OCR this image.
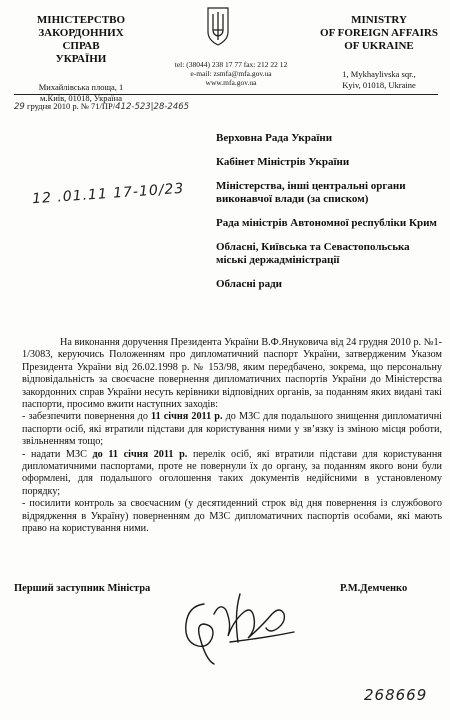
МІНІСТЕРСТВО
ЗАКОРДОННИХ СПРАВ
УКРАЇНИ
Михайлівська площа, 1
м.Київ, 01018, Україна
MINISTRY
OF FOREIGN AFFAIRS
OF UKRAINE
1, Mykhaylivska sqr.,
Kyiv, 01018, Ukraine
tel: (38044) 238 17 77 fax: 212 22 12
e-mail: zsmfa@mfa.gov.ua
www.mfa.gov.ua
29 грудня 2010 р. № 71/ПР/412-523|28-2465
Верховна Рада України
Кабінет Міністрів України
Міністерства, інші центральні органи виконавчої влади (за списком)
Рада міністрів Автономної республіки Крим
Обласні, Київська та Севастопольська міські держадміністрації
Обласні ради
12 .01.11 17-10/23

На виконання доручення Президента України В.Ф.Януковича від 24 грудня 2010 р. №1-1/3083, керуючись Положенням про дипломатичний паспорт України, затвердженим Указом Президента України від 26.02.1998 р. № 153/98, яким передбачено, зокрема, що персональну відповідальність за своєчасне повернення дипломатичних паспортів України до Міністерства закордонних справ України несуть керівники відповідних органів, за поданням яких видані такі паспорти, просимо вжити наступних заходів:

- забезпечити повернення до 11 січня 2011 р. до МЗС для подальшого знищення дипломатичні паспорти осіб, які втратили підстави для користування ними у зв’язку із зміною місця роботи, звільненням тощо;

- надати МЗС до 11 січня 2011 р. перелік осіб, які втратили підстави для користування дипломатичними паспортами, проте не повернули їх до органу, за поданням якого вони були оформлені, для подальшого оголошення таких документів недійсними в установленому порядку;

- посилити контроль за своєчасним (у десятиденний строк від дня повернення із службового відрядження в Україну) поверненням до МЗС дипломатичних паспортів особами, які мають право на користування ними.

Перший заступник Міністра	Р.М.Демченко
268669
